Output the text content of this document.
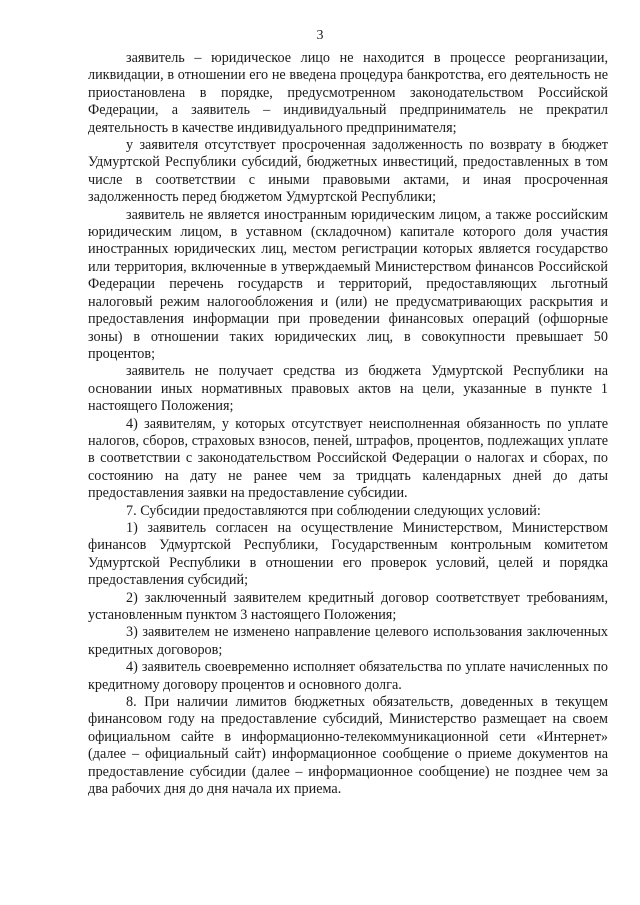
3

заявитель – юридическое лицо не находится в процессе реорганизации, ликвидации, в отношении его не введена процедура банкротства, его деятельность не приостановлена в порядке, предусмотренном законодательством Российской Федерации, а заявитель – индивидуальный предприниматель не прекратил деятельность в качестве индивидуального предпринимателя;

у заявителя отсутствует просроченная задолженность по возврату в бюджет Удмуртской Республики субсидий, бюджетных инвестиций, предоставленных в том числе в соответствии с иными правовыми актами, и иная просроченная задолженность перед бюджетом Удмуртской Республики;

заявитель не является иностранным юридическим лицом, а также российским юридическим лицом, в уставном (складочном) капитале которого доля участия иностранных юридических лиц, местом регистрации которых является государство или территория, включенные в утверждаемый Министерством финансов Российской Федерации перечень государств и территорий, предоставляющих льготный налоговый режим налогообложения и (или) не предусматривающих раскрытия и предоставления информации при проведении финансовых операций (офшорные зоны) в отношении таких юридических лиц, в совокупности превышает 50 процентов;

заявитель не получает средства из бюджета Удмуртской Республики на основании иных нормативных правовых актов на цели, указанные в пункте 1 настоящего Положения;

4) заявителям, у которых отсутствует неисполненная обязанность по уплате налогов, сборов, страховых взносов, пеней, штрафов, процентов, подлежащих уплате в соответствии с законодательством Российской Федерации о налогах и сборах, по состоянию на дату не ранее чем за тридцать календарных дней до даты предоставления заявки на предоставление субсидии.

7. Субсидии предоставляются при соблюдении следующих условий:

1) заявитель согласен на осуществление Министерством, Министерством финансов Удмуртской Республики, Государственным контрольным комитетом Удмуртской Республики в отношении его проверок условий, целей и порядка предоставления субсидий;

2) заключенный заявителем кредитный договор соответствует требованиям, установленным пунктом 3 настоящего Положения;

3) заявителем не изменено направление целевого использования заключенных кредитных договоров;

4) заявитель своевременно исполняет обязательства по уплате начисленных по кредитному договору процентов и основного долга.

8. При наличии лимитов бюджетных обязательств, доведенных в текущем финансовом году на предоставление субсидий, Министерство размещает на своем официальном сайте в информационно-телекоммуникационной сети «Интернет» (далее – официальный сайт) информационное сообщение о приеме документов на предоставление субсидии (далее – информационное сообщение) не позднее чем за два рабочих дня до дня начала их приема.
